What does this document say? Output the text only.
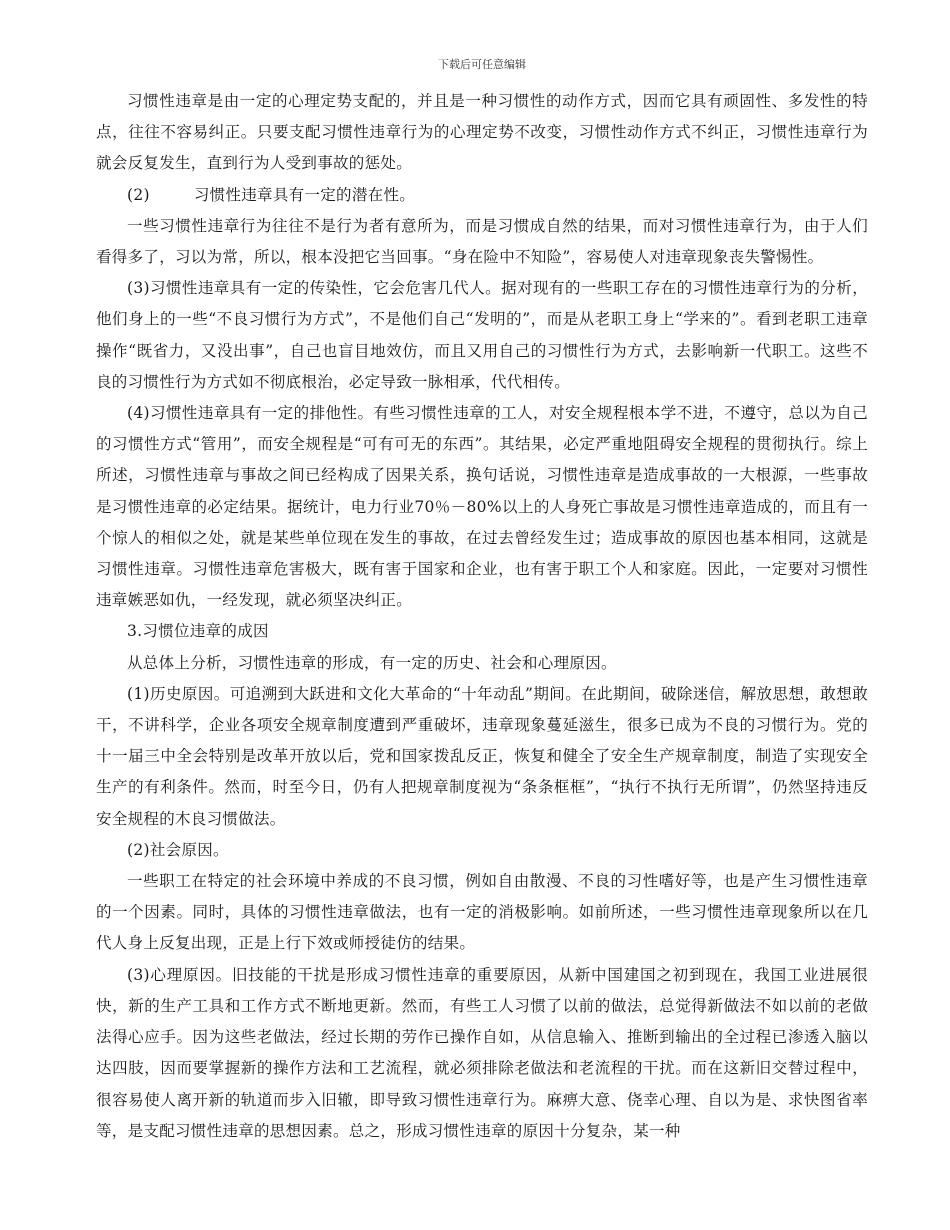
下载后可任意编辑

习惯性违章是由一定的心理定势支配的，并且是一种习惯性的动作方式，因而它具有顽固性、多发性的特点，往往不容易纠正。只要支配习惯性违章行为的心理定势不改变，习惯性动作方式不纠正，习惯性违章行为就会反复发生，直到行为人受到事故的惩处。

(2)	习惯性违章具有一定的潜在性。

一些习惯性违章行为往往不是行为者有意所为，而是习惯成自然的结果，而对习惯性违章行为，由于人们看得多了，习以为常，所以，根本没把它当回事。“身在险中不知险”，容易使人对违章现象丧失警惕性。

(3)习惯性违章具有一定的传染性，它会危害几代人。据对现有的一些职工存在的习惯性违章行为的分析，他们身上的一些“不良习惯行为方式”，不是他们自己“发明的”，而是从老职工身上“学来的”。看到老职工违章操作“既省力，又没出事”，自己也盲目地效仿，而且又用自己的习惯性行为方式，去影响新一代职工。这些不良的习惯性行为方式如不彻底根治，必定导致一脉相承，代代相传。

(4)习惯性违章具有一定的排他性。有些习惯性违章的工人，对安全规程根本学不进，不遵守，总以为自己的习惯性方式“管用”，而安全规程是“可有可无的东西”。其结果，必定严重地阻碍安全规程的贯彻执行。综上所述，习惯性违章与事故之间已经构成了因果关系，换句话说，习惯性违章是造成事故的一大根源，一些事故是习惯性违章的必定结果。据统计，电力行业70％－80%以上的人身死亡事故是习惯性违章造成的，而且有一个惊人的相似之处，就是某些单位现在发生的事故，在过去曾经发生过；造成事故的原因也基本相同，这就是习惯性违章。习惯性违章危害极大，既有害于国家和企业，也有害于职工个人和家庭。因此，一定要对习惯性违章嫉恶如仇，一经发现，就必须坚决纠正。

3.习惯位违章的成因

从总体上分析，习惯性违章的形成，有一定的历史、社会和心理原因。

(1)历史原因。可追溯到大跃进和文化大革命的“十年动乱”期间。在此期间，破除迷信，解放思想，敢想敢干，不讲科学，企业各项安全规章制度遭到严重破坏，违章现象蔓延滋生，很多已成为不良的习惯行为。党的十一届三中全会特别是改革开放以后，党和国家拨乱反正，恢复和健全了安全生产规章制度，制造了实现安全生产的有利条件。然而，时至今日，仍有人把规章制度视为“条条框框”，“执行不执行无所谓”，仍然坚持违反安全规程的木良习惯做法。

(2)社会原因。

一些职工在特定的社会环境中养成的不良习惯，例如自由散漫、不良的习性嗜好等，也是产生习惯性违章的一个因素。同时，具体的习惯性违章做法，也有一定的消极影响。如前所述，一些习惯性违章现象所以在几代人身上反复出现，正是上行下效或师授徒仿的结果。

(3)心理原因。旧技能的干扰是形成习惯性违章的重要原因，从新中国建国之初到现在，我国工业进展很快，新的生产工具和工作方式不断地更新。然而，有些工人习惯了以前的做法，总觉得新做法不如以前的老做法得心应手。因为这些老做法，经过长期的劳作已操作自如，从信息输入、推断到输出的全过程已渗透入脑以达四肢，因而要掌握新的操作方法和工艺流程，就必须排除老做法和老流程的干扰。而在这新旧交替过程中，很容易使人离开新的轨道而步入旧辙，即导致习惯性违章行为。麻痹大意、侥幸心理、自以为是、求快图省率等，是支配习惯性违章的思想因素。总之，形成习惯性违章的原因十分复杂，某一种
